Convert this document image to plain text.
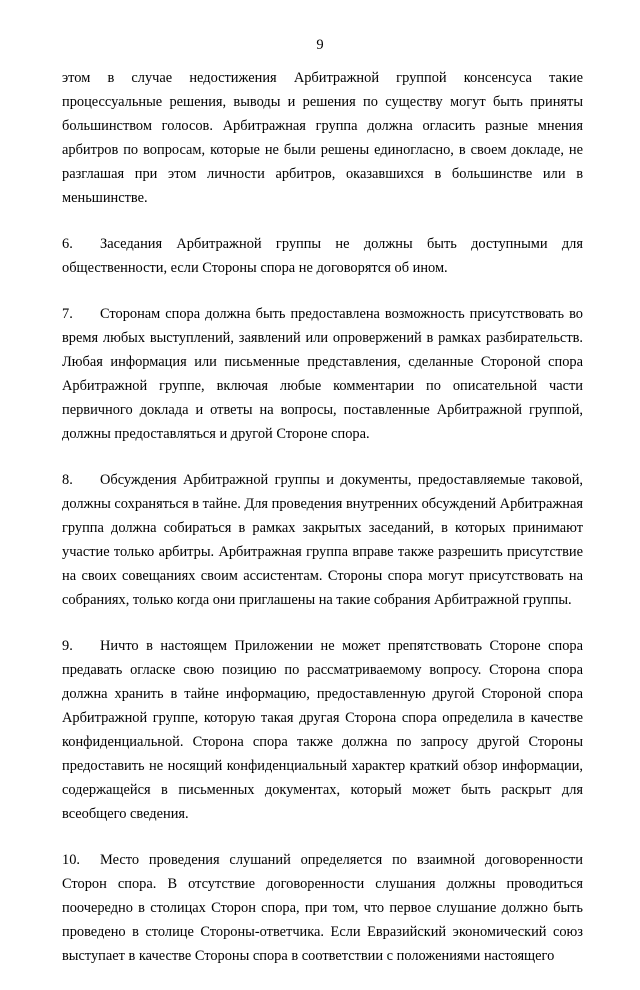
9

этом в случае недостижения Арбитражной группой консенсуса такие процессуальные решения, выводы и решения по существу могут быть приняты большинством голосов. Арбитражная группа должна огласить разные мнения арбитров по вопросам, которые не были решены единогласно, в своем докладе, не разглашая при этом личности арбитров, оказавшихся в большинстве или в меньшинстве.

6. Заседания Арбитражной группы не должны быть доступными для общественности, если Стороны спора не договорятся об ином.

7. Сторонам спора должна быть предоставлена возможность присутствовать во время любых выступлений, заявлений или опровержений в рамках разбирательств. Любая информация или письменные представления, сделанные Стороной спора Арбитражной группе, включая любые комментарии по описательной части первичного доклада и ответы на вопросы, поставленные Арбитражной группой, должны предоставляться и другой Стороне спора.

8. Обсуждения Арбитражной группы и документы, предоставляемые таковой, должны сохраняться в тайне. Для проведения внутренних обсуждений Арбитражная группа должна собираться в рамках закрытых заседаний, в которых принимают участие только арбитры. Арбитражная группа вправе также разрешить присутствие на своих совещаниях своим ассистентам. Стороны спора могут присутствовать на собраниях, только когда они приглашены на такие собрания Арбитражной группы.

9. Ничто в настоящем Приложении не может препятствовать Стороне спора предавать огласке свою позицию по рассматриваемому вопросу. Сторона спора должна хранить в тайне информацию, предоставленную другой Стороной спора Арбитражной группе, которую такая другая Сторона спора определила в качестве конфиденциальной. Сторона спора также должна по запросу другой Стороны предоставить не носящий конфиденциальный характер краткий обзор информации, содержащейся в письменных документах, который может быть раскрыт для всеобщего сведения.

10. Место проведения слушаний определяется по взаимной договоренности Сторон спора. В отсутствие договоренности слушания должны проводиться поочередно в столицах Сторон спора, при том, что первое слушание должно быть проведено в столице Стороны-ответчика. Если Евразийский экономический союз выступает в качестве Стороны спора в соответствии с положениями настоящего
